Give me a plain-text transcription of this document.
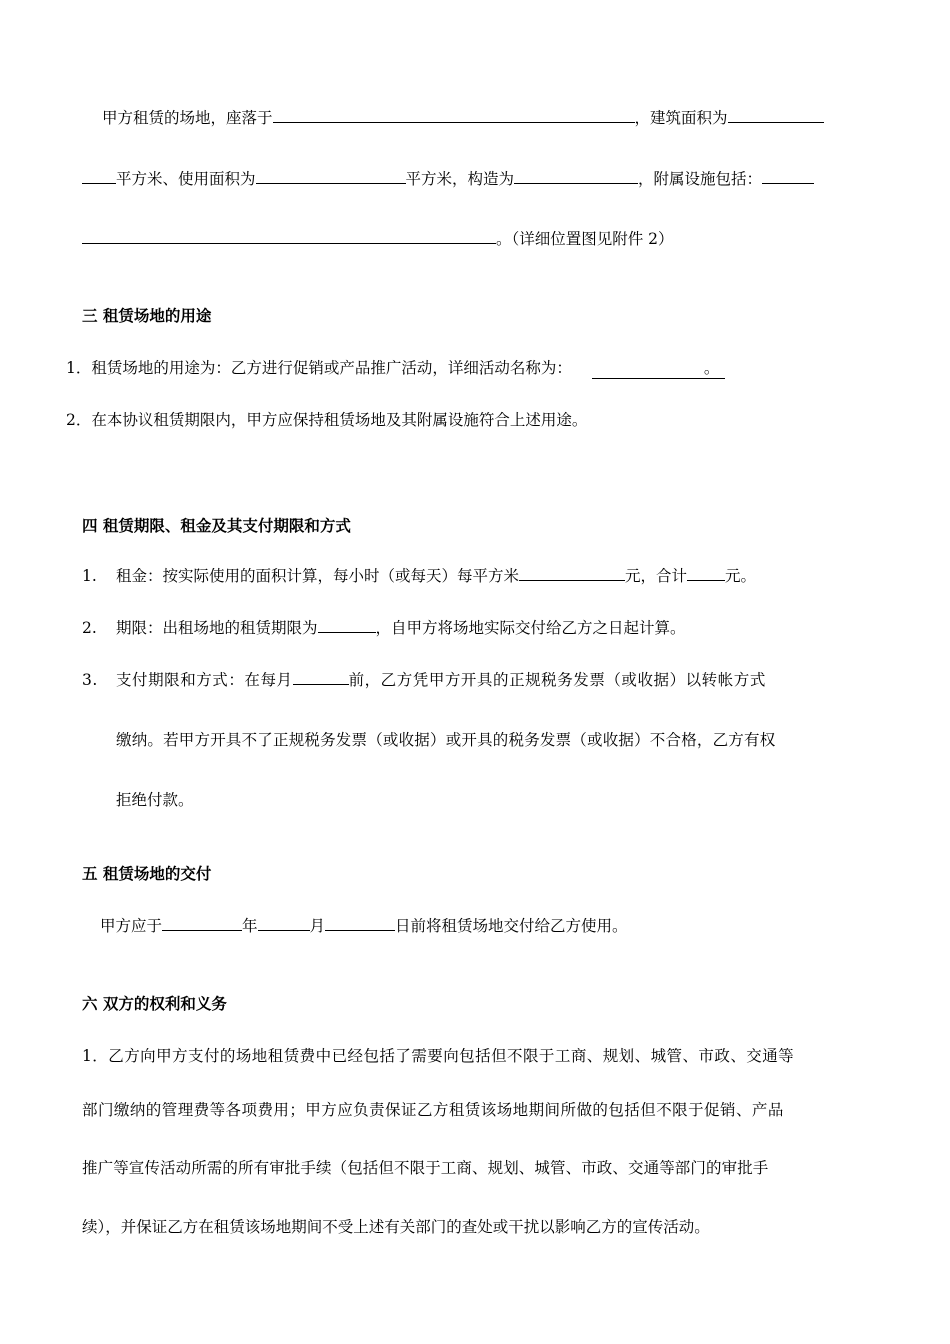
甲方租赁的场地，座落于	，建筑面积为
平方米、使用面积为	平方米，构造为	，附属设施包括：
。（详细位置图见附件 2）
三 租赁场地的用途
1．租赁场地的用途为：乙方进行促销或产品推广活动，详细活动名称为：	。
2．在本协议租赁期限内，甲方应保持租赁场地及其附属设施符合上述用途。
四 租赁期限、租金及其支付期限和方式
1. 租金：按实际使用的面积计算，每小时（或每天）每平方米	元，合计 元。
2. 期限：出租场地的租赁期限为	，自甲方将场地实际交付给乙方之日起计算。
3. 支付期限和方式：在每月	前，乙方凭甲方开具的正规税务发票（或收据）以转帐方式
缴纳。若甲方开具不了正规税务发票（或收据）或开具的税务发票（或收据）不合格，乙方有权
拒绝付款。
五 租赁场地的交付
甲方应于	年	月	日前将租赁场地交付给乙方使用。
六 双方的权利和义务
1．乙方向甲方支付的场地租赁费中已经包括了需要向包括但不限于工商、规划、城管、市政、交通等
部门缴纳的管理费等各项费用；甲方应负责保证乙方租赁该场地期间所做的包括但不限于促销、产品
推广等宣传活动所需的所有审批手续（包括但不限于工商、规划、城管、市政、交通等部门的审批手
续），并保证乙方在租赁该场地期间不受上述有关部门的查处或干扰以影响乙方的宣传活动。
